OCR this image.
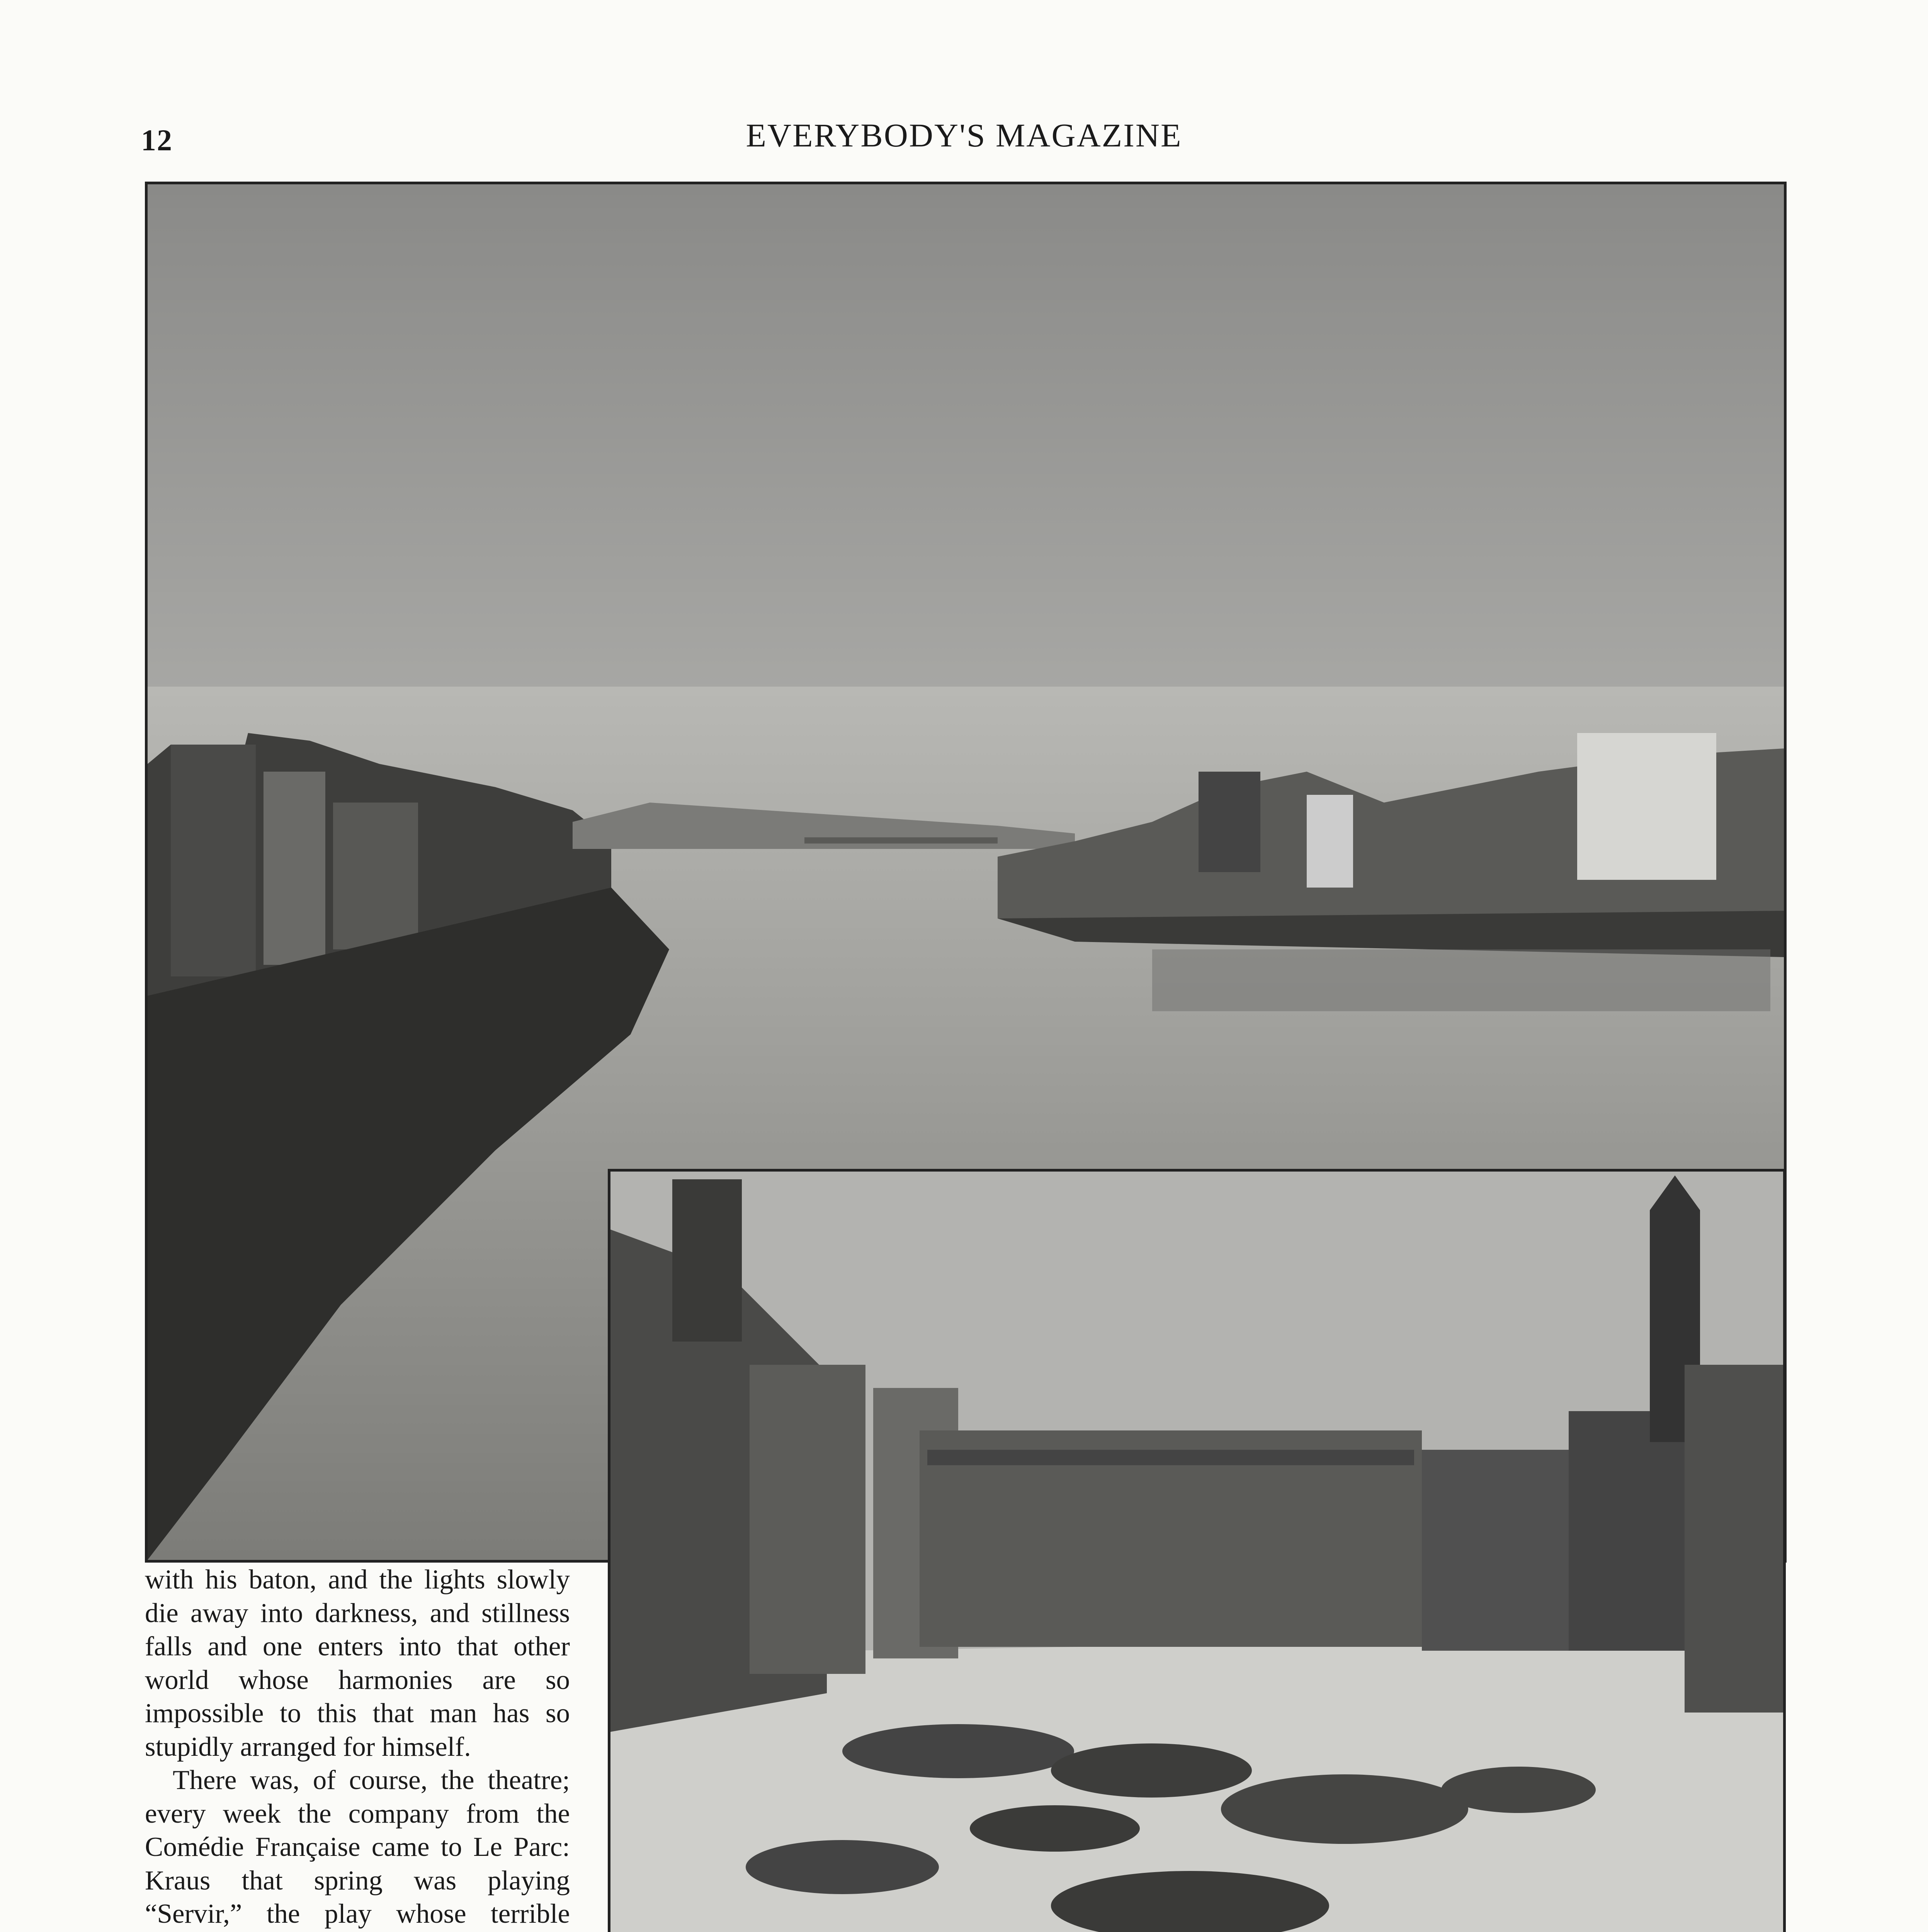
12	EVERYBODY'S MAGAZINE

with his baton, and the lights slowly die away into darkness, and stillness falls and one enters into that other world whose harmonies are so impossible to this that man has so stupidly arranged for himself.

There was, of course, the theatre; every week the company from the Comédie Française came to Le Parc: Kraus that spring was playing “Servir,” the play whose terrible
